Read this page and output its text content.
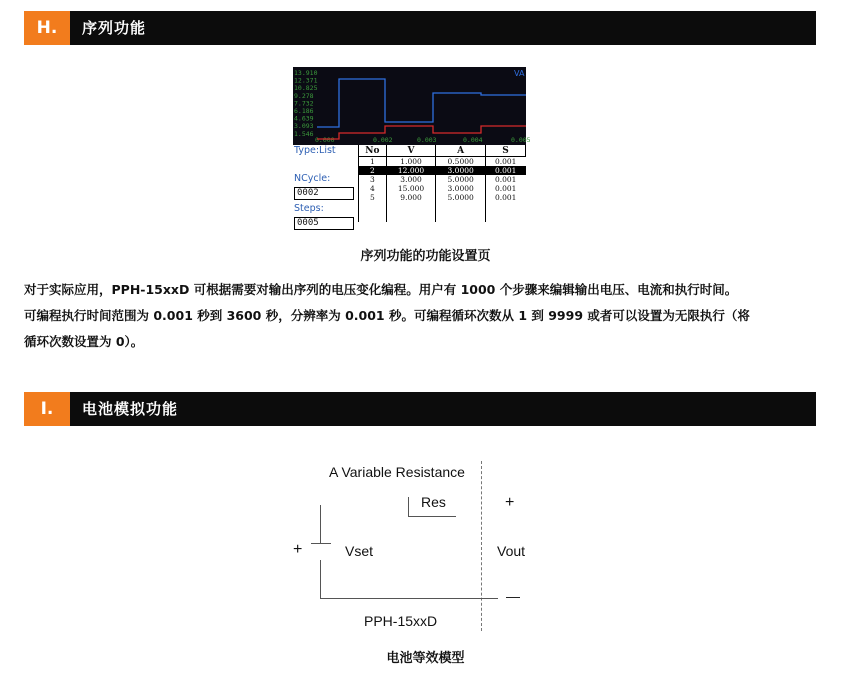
H.	序列功能
13.910
12.371
10.825
9.278
7.732
6.186
4.639
3.093
1.546
0.000	0.002	0.003	0.004	0.005
VA
Type:List
NCycle:
0002
Steps:
0005
No	V	A	S
1	1.000	0.5000	0.001
2	12.000	3.0000	0.001
3	3.000	5.0000	0.001
4	15.000	3.0000	0.001
5	9.000	5.0000	0.001

序列功能的功能设置页
对于实际应用，PPH-15xxD 可根据需要对输出序列的电压变化编程。用户有 1000 个步骤来编辑输出电压、电流和执行时间。
可编程执行时间范围为 0.001 秒到 3600 秒，分辨率为 0.001 秒。可编程循环次数从 1 到 9999 或者可以设置为无限执行（将
循环次数设置为 0）。
I.	电池模拟功能
A Variable Resistance
Res	+
+	Vset	Vout
—
PPH-15xxD
电池等效模型
